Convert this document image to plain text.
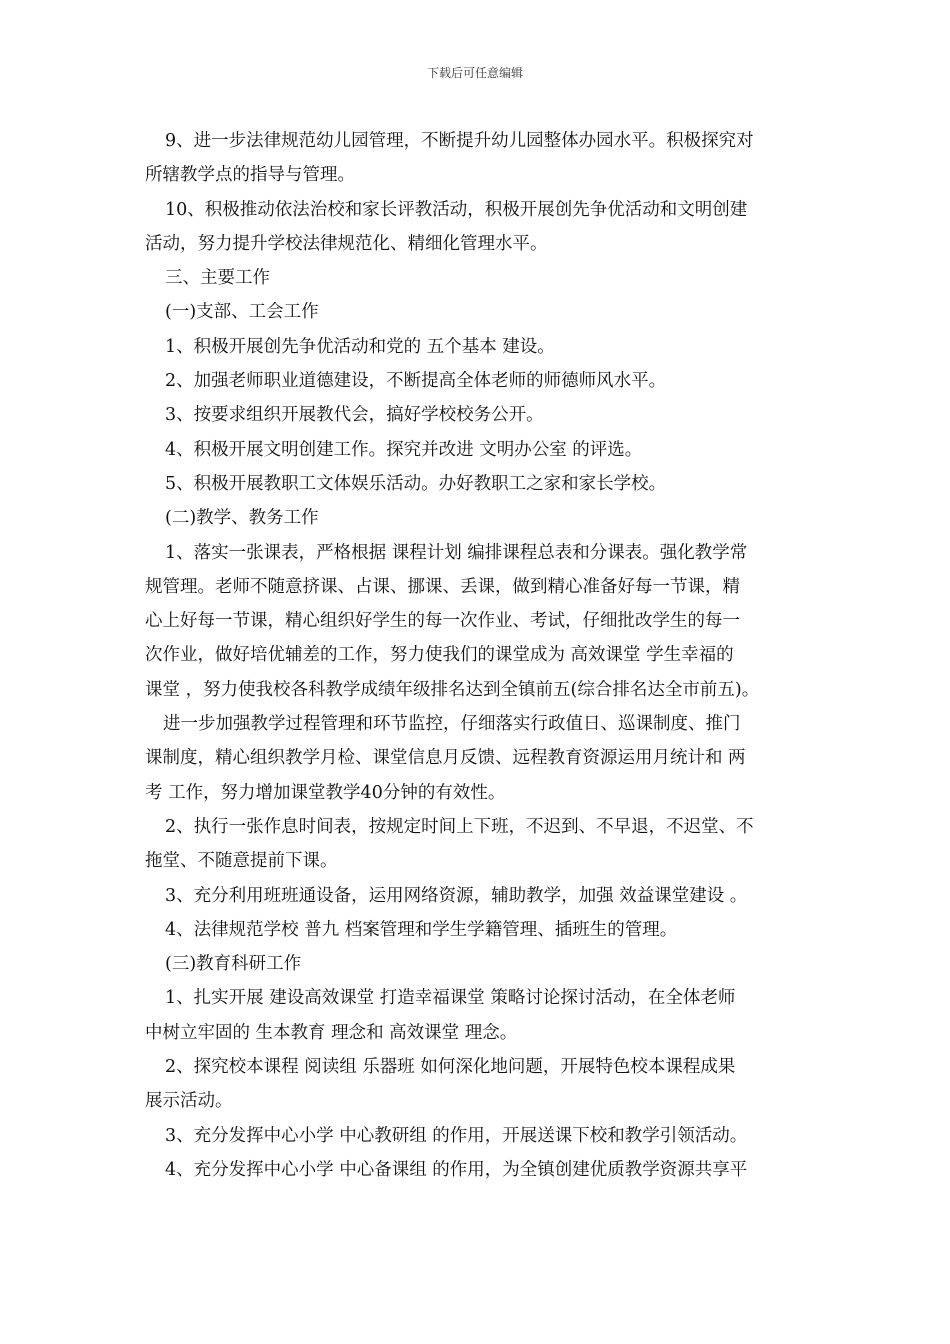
下载后可任意编辑
9、进一步法律规范幼儿园管理，不断提升幼儿园整体办园水平。积极探究对
所辖教学点的指导与管理。
10、积极推动依法治校和家长评教活动，积极开展创先争优活动和文明创建
活动，努力提升学校法律规范化、精细化管理水平。
三、主要工作
(一)支部、工会工作
1、积极开展创先争优活动和党的 五个基本 建设。
2、加强老师职业道德建设，不断提高全体老师的师德师风水平。
3、按要求组织开展教代会，搞好学校校务公开。
4、积极开展文明创建工作。探究并改进 文明办公室 的评选。
5、积极开展教职工文体娱乐活动。办好教职工之家和家长学校。
(二)教学、教务工作
1、落实一张课表，严格根据 课程计划 编排课程总表和分课表。强化教学常
规管理。老师不随意挤课、占课、挪课、丢课，做到精心准备好每一节课，精
心上好每一节课，精心组织好学生的每一次作业、考试，仔细批改学生的每一
次作业，做好培优辅差的工作，努力使我们的课堂成为 高效课堂 学生幸福的
课堂 ，努力使我校各科教学成绩年级排名达到全镇前五(综合排名达全市前五)。
进一步加强教学过程管理和环节监控，仔细落实行政值日、巡课制度、推门
课制度，精心组织教学月检、课堂信息月反馈、远程教育资源运用月统计和 两
考 工作，努力增加课堂教学40分钟的有效性。
2、执行一张作息时间表，按规定时间上下班，不迟到、不早退，不迟堂、不
拖堂、不随意提前下课。
3、充分利用班班通设备，运用网络资源，辅助教学，加强 效益课堂建设 。
4、法律规范学校 普九 档案管理和学生学籍管理、插班生的管理。
(三)教育科研工作
1、扎实开展 建设高效课堂 打造幸福课堂 策略讨论探讨活动，在全体老师
中树立牢固的 生本教育 理念和 高效课堂 理念。
2、探究校本课程 阅读组 乐器班 如何深化地问题，开展特色校本课程成果
展示活动。
3、充分发挥中心小学 中心教研组 的作用，开展送课下校和教学引领活动。
4、充分发挥中心小学 中心备课组 的作用，为全镇创建优质教学资源共享平
